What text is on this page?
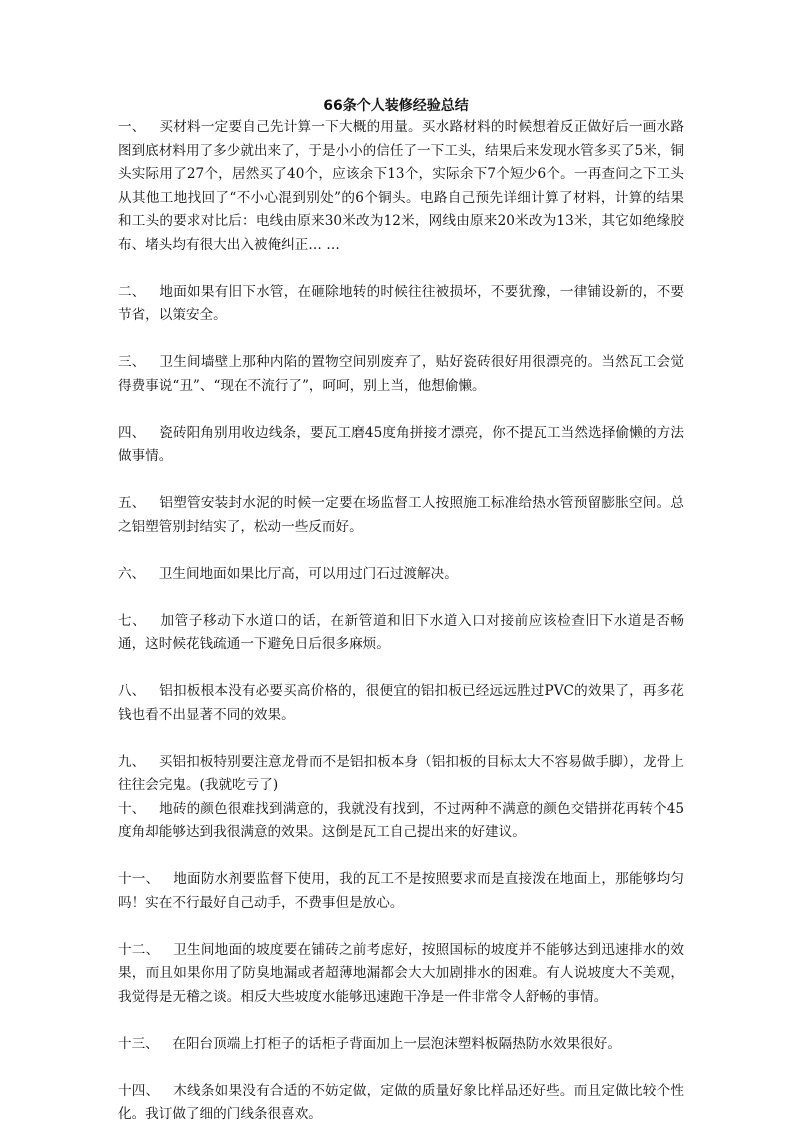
66条个人装修经验总结

一、  买材料一定要自己先计算一下大概的用量。买水路材料的时候想着反正做好后一画水路图到底材料用了多少就出来了，于是小小的信任了一下工头，结果后来发现水管多买了5米，铜头实际用了27个，居然买了40个，应该余下13个，实际余下7个短少6个。一再查问之下工头从其他工地找回了“不小心混到别处”的6个铜头。电路自己预先详细计算了材料，计算的结果和工头的要求对比后：电线由原来30米改为12米，网线由原来20米改为13米，其它如绝缘胶布、堵头均有很大出入被俺纠正… …

二、  地面如果有旧下水管，在砸除地转的时候往往被损坏，不要犹豫，一律铺设新的，不要节省，以策安全。

三、  卫生间墙壁上那种内陷的置物空间别废弃了，贴好瓷砖很好用很漂亮的。当然瓦工会觉得费事说“丑”、“现在不流行了”，呵呵，别上当，他想偷懒。

四、  瓷砖阳角别用收边线条，要瓦工磨45度角拼接才漂亮，你不提瓦工当然选择偷懒的方法做事情。

五、  铝塑管安装封水泥的时候一定要在场监督工人按照施工标准给热水管预留膨胀空间。总之铝塑管别封结实了，松动一些反而好。

六、  卫生间地面如果比厅高，可以用过门石过渡解决。

七、  加管子移动下水道口的话，在新管道和旧下水道入口对接前应该检查旧下水道是否畅通，这时候花钱疏通一下避免日后很多麻烦。

八、  铝扣板根本没有必要买高价格的，很便宜的铝扣板已经远远胜过PVC的效果了，再多花钱也看不出显著不同的效果。

九、  买铝扣板特别要注意龙骨而不是铝扣板本身（铝扣板的目标太大不容易做手脚），龙骨上往往会完鬼。(我就吃亏了)

十、  地砖的颜色很难找到满意的，我就没有找到，不过两种不满意的颜色交错拼花再转个45度角却能够达到我很满意的效果。这倒是瓦工自己提出来的好建议。

十一、  地面防水剂要监督下使用，我的瓦工不是按照要求而是直接泼在地面上，那能够均匀吗！实在不行最好自己动手，不费事但是放心。

十二、  卫生间地面的坡度要在铺砖之前考虑好，按照国标的坡度并不能够达到迅速排水的效果，而且如果你用了防臭地漏或者超薄地漏都会大大加剧排水的困难。有人说坡度大不美观，我觉得是无稽之谈。相反大些坡度水能够迅速跑干净是一件非常令人舒畅的事情。

十三、  在阳台顶端上打柜子的话柜子背面加上一层泡沫塑料板隔热防水效果很好。

十四、  木线条如果没有合适的不妨定做，定做的质量好象比样品还好些。而且定做比较个性化。我订做了细的门线条很喜欢。
